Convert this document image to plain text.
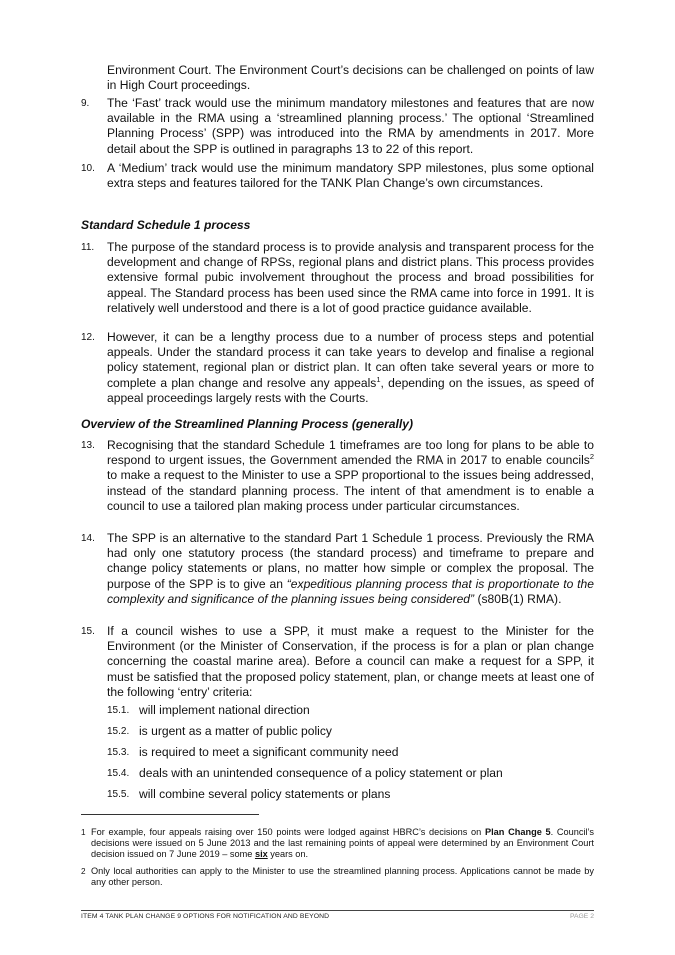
Environment Court. The Environment Court’s decisions can be challenged on points of law in High Court proceedings.
9. The ‘Fast’ track would use the minimum mandatory milestones and features that are now available in the RMA using a ‘streamlined planning process.’ The optional ‘Streamlined Planning Process’ (SPP) was introduced into the RMA by amendments in 2017. More detail about the SPP is outlined in paragraphs 13 to 22 of this report.
10. A ‘Medium’ track would use the minimum mandatory SPP milestones, plus some optional extra steps and features tailored for the TANK Plan Change’s own circumstances.
Standard Schedule 1 process
11. The purpose of the standard process is to provide analysis and transparent process for the development and change of RPSs, regional plans and district plans. This process provides extensive formal pubic involvement throughout the process and broad possibilities for appeal. The Standard process has been used since the RMA came into force in 1991. It is relatively well understood and there is a lot of good practice guidance available.
12. However, it can be a lengthy process due to a number of process steps and potential appeals. Under the standard process it can take years to develop and finalise a regional policy statement, regional plan or district plan. It can often take several years or more to complete a plan change and resolve any appeals$^1$, depending on the issues, as speed of appeal proceedings largely rests with the Courts.
Overview of the Streamlined Planning Process (generally)
13. Recognising that the standard Schedule 1 timeframes are too long for plans to be able to respond to urgent issues, the Government amended the RMA in 2017 to enable councils$^2$ to make a request to the Minister to use a SPP proportional to the issues being addressed, instead of the standard planning process. The intent of that amendment is to enable a council to use a tailored plan making process under particular circumstances.
14. The SPP is an alternative to the standard Part 1 Schedule 1 process. Previously the RMA had only one statutory process (the standard process) and timeframe to prepare and change policy statements or plans, no matter how simple or complex the proposal. The purpose of the SPP is to give an “expeditious planning process that is proportionate to the complexity and significance of the planning issues being considered” (s80B(1) RMA).
15. If a council wishes to use a SPP, it must make a request to the Minister for the Environment (or the Minister of Conservation, if the process is for a plan or plan change concerning the coastal marine area). Before a council can make a request for a SPP, it must be satisfied that the proposed policy statement, plan, or change meets at least one of the following ‘entry’ criteria:
15.1. will implement national direction
15.2. is urgent as a matter of public policy
15.3. is required to meet a significant community need
15.4. deals with an unintended consequence of a policy statement or plan
15.5. will combine several policy statements or plans
1 For example, four appeals raising over 150 points were lodged against HBRC’s decisions on Plan Change 5. Council’s decisions were issued on 5 June 2013 and the last remaining points of appeal were determined by an Environment Court decision issued on 7 June 2019 – some six years on.
2 Only local authorities can apply to the Minister to use the streamlined planning process. Applications cannot be made by any other person.
ITEM 4 TANK PLAN CHANGE 9 OPTIONS FOR NOTIFICATION AND BEYOND	PAGE 2
